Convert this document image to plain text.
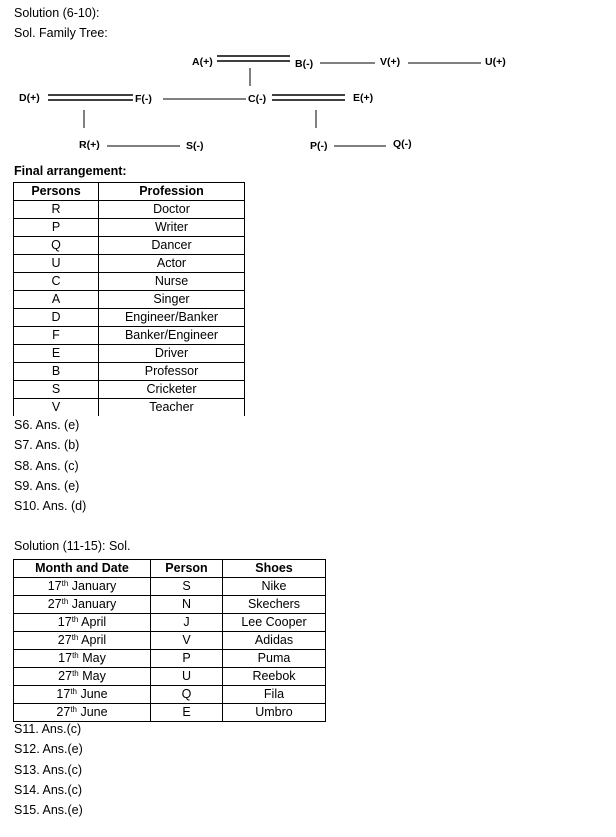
Solution (6-10):
Sol. Family Tree:
A(+)	B(-)	V(+)	U(+)
D(+)	F(-)	C(-)	E(+)
R(+)	S(-)	P(-)	Q(-)
Final arrangement:
Persons	Profession
R	Doctor
P	Writer
Q	Dancer
U	Actor
C	Nurse
A	Singer
D	Engineer/Banker
F	Banker/Engineer
E	Driver
B	Professor
S	Cricketer
V	Teacher
S6. Ans. (e)
S7. Ans. (b)
S8. Ans. (c)
S9. Ans. (e)
S10. Ans. (d)
Solution (11-15): Sol.
Month and Date	Person	Shoes
17th January	S	Nike
27th January	N	Skechers
17th April	J	Lee Cooper
27th April	V	Adidas
17th May	P	Puma
27th May	U	Reebok
17th June	Q	Fila
27th June	E	Umbro
S11. Ans.(c)
S12. Ans.(e)
S13. Ans.(c)
S14. Ans.(c)
S15. Ans.(e)
